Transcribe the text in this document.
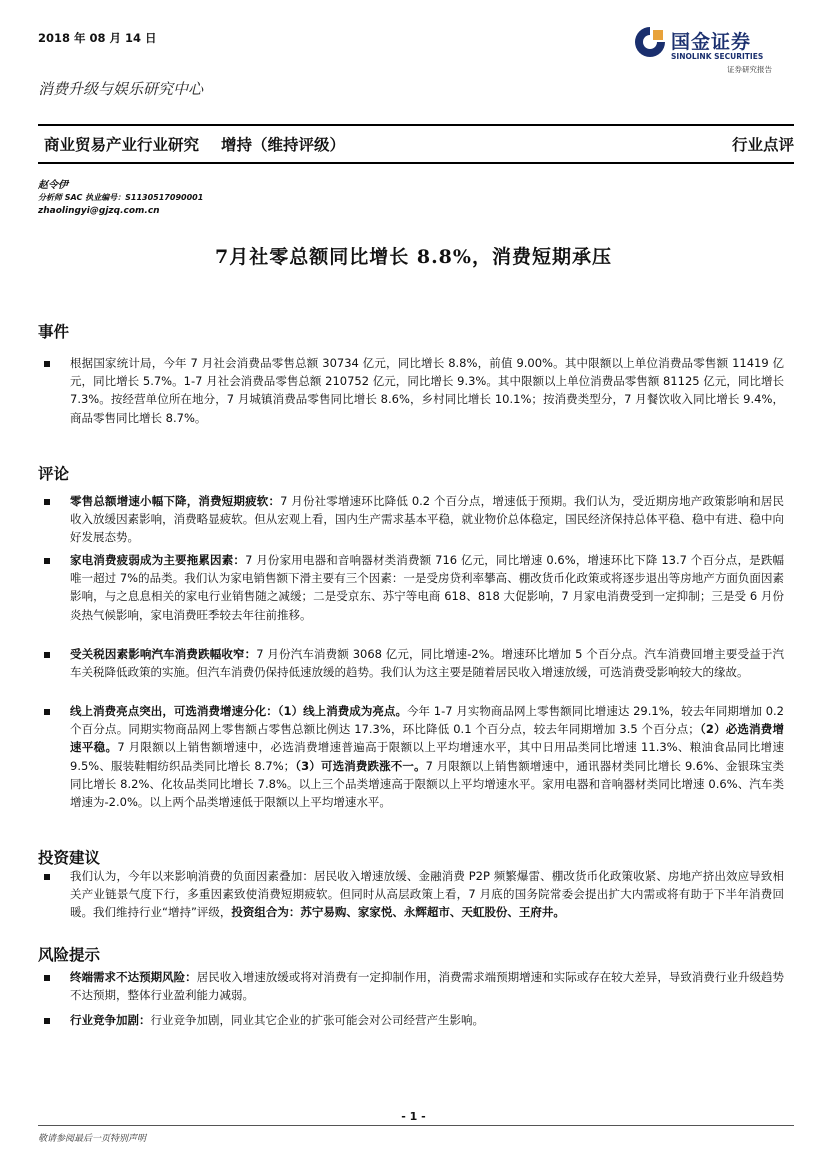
2018 年 08 月 14 日	国金证券
SINOLINK SECURITIES
证券研究报告
消费升级与娱乐研究中心
商业贸易产业行业研究 增持（维持评级）	行业点评
赵令伊
分析师 SAC 执业编号：S1130517090001
zhaolingyi@gjzq.com.cn
7月社零总额同比增长 8.8%，消费短期承压
事件
根据国家统计局，今年 7 月社会消费品零售总额 30734 亿元，同比增长 8.8%，前值 9.00%。其中限额以上单位消费品零售额 11419 亿元，同比增长 5.7%。1-7 月社会消费品零售总额 210752 亿元，同比增长 9.3%。其中限额以上单位消费品零售额 81125 亿元，同比增长 7.3%。按经营单位所在地分，7 月城镇消费品零售同比增长 8.6%，乡村同比增长 10.1%；按消费类型分，7 月餐饮收入同比增长 9.4%，商品零售同比增长 8.7%。
评论
零售总额增速小幅下降，消费短期疲软：7 月份社零增速环比降低 0.2 个百分点，增速低于预期。我们认为，受近期房地产政策影响和居民收入放缓因素影响，消费略显疲软。但从宏观上看，国内生产需求基本平稳，就业物价总体稳定，国民经济保持总体平稳、稳中有进、稳中向好发展态势。
家电消费疲弱成为主要拖累因素：7 月份家用电器和音响器材类消费额 716 亿元，同比增速 0.6%，增速环比下降 13.7 个百分点，是跌幅唯一超过 7%的品类。我们认为家电销售额下滑主要有三个因素：一是受房贷利率攀高、棚改货币化政策或将逐步退出等房地产方面负面因素影响，与之息息相关的家电行业销售随之减缓；二是受京东、苏宁等电商 618、818 大促影响，7 月家电消费受到一定抑制；三是受 6 月份炎热气候影响，家电消费旺季较去年往前推移。
受关税因素影响汽车消费跌幅收窄：7 月份汽车消费额 3068 亿元，同比增速-2%。增速环比增加 5 个百分点。汽车消费回增主要受益于汽车关税降低政策的实施。但汽车消费仍保持低速放缓的趋势。我们认为这主要是随着居民收入增速放缓，可选消费受影响较大的缘故。
线上消费亮点突出，可选消费增速分化：（1）线上消费成为亮点。今年 1-7 月实物商品网上零售额同比增速达 29.1%，较去年同期增加 0.2 个百分点。同期实物商品网上零售额占零售总额比例达 17.3%，环比降低 0.1 个百分点，较去年同期增加 3.5 个百分点；（2）必选消费增速平稳。7 月限额以上销售额增速中，必选消费增速普遍高于限额以上平均增速水平，其中日用品类同比增速 11.3%、粮油食品同比增速 9.5%、服装鞋帽纺织品类同比增长 8.7%；（3）可选消费跌涨不一。7 月限额以上销售额增速中，通讯器材类同比增长 9.6%、金银珠宝类同比增长 8.2%、化妆品类同比增长 7.8%。以上三个品类增速高于限额以上平均增速水平。家用电器和音响器材类同比增速 0.6%、汽车类增速为-2.0%。以上两个品类增速低于限额以上平均增速水平。
投资建议
我们认为，今年以来影响消费的负面因素叠加：居民收入增速放缓、金融消费 P2P 频繁爆雷、棚改货币化政策收紧、房地产挤出效应导致相关产业链景气度下行，多重因素致使消费短期疲软。但同时从高层政策上看，7 月底的国务院常委会提出扩大内需或将有助于下半年消费回暖。我们维持行业“增持”评级，投资组合为：苏宁易购、家家悦、永辉超市、天虹股份、王府井。
风险提示
终端需求不达预期风险：居民收入增速放缓或将对消费有一定抑制作用，消费需求端预期增速和实际或存在较大差异，导致消费行业升级趋势不达预期，整体行业盈利能力减弱。
行业竞争加剧：行业竞争加剧，同业其它企业的扩张可能会对公司经营产生影响。
- 1 -
敬请参阅最后一页特别声明
